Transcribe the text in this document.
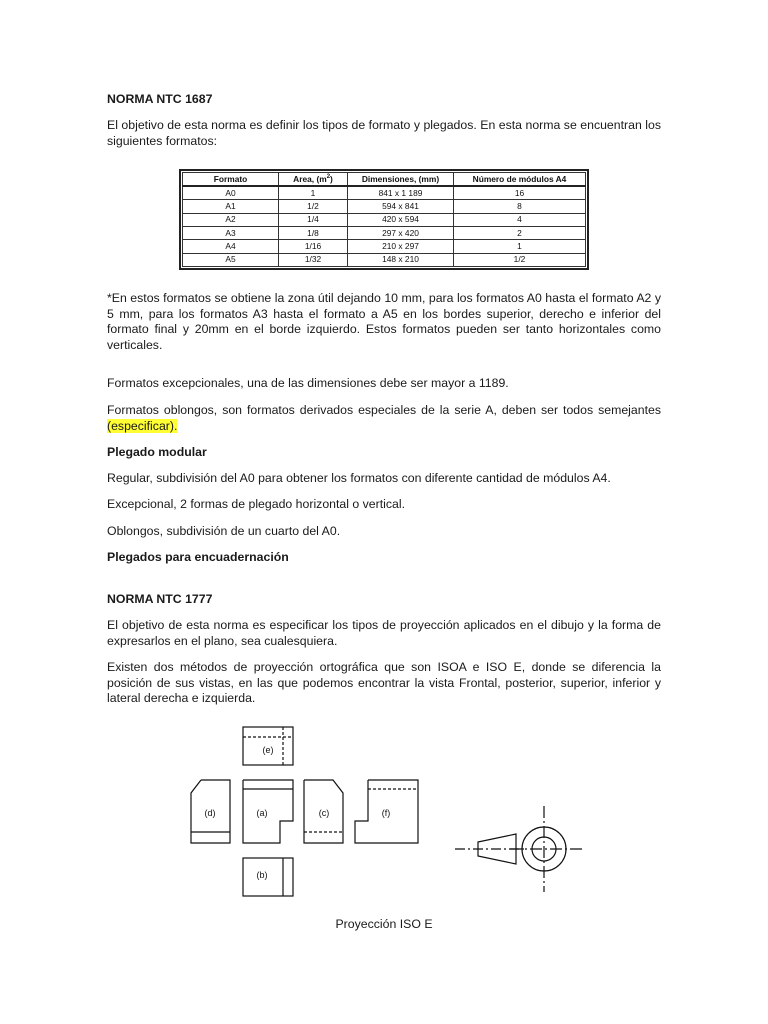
NORMA NTC 1687

El objetivo de esta norma es definir los tipos de formato y plegados. En esta norma se encuentran los siguientes formatos:

Formato	Area, $(m^2)$	Dimensiones, (mm)	Número de módulos A4
A0	1	841 x 1 189	16
A1	1/2	594 x 841	8
A2	1/4	420 x 594	4
A3	1/8	297 x 420	2
A4	1/16	210 x 297	1
A5	1/32	148 x 210	1/2

*En estos formatos se obtiene la zona útil dejando 10 mm, para los formatos A0 hasta el formato A2 y 5 mm, para los formatos A3 hasta el formato a A5 en los bordes superior, derecho e inferior del formato final y 20mm en el borde izquierdo. Estos formatos pueden ser tanto horizontales como verticales.

Formatos excepcionales, una de las dimensiones debe ser mayor a 1189.

Formatos oblongos, son formatos derivados especiales de la serie A, deben ser todos semejantes (especificar).

Plegado modular

Regular, subdivisión del A0 para obtener los formatos con diferente cantidad de módulos A4.

Excepcional, 2 formas de plegado horizontal o vertical.

Oblongos, subdivisión de un cuarto del A0.

Plegados para encuadernación

NORMA NTC 1777

El objetivo de esta norma es especificar los tipos de proyección aplicados en el dibujo y la forma de expresarlos en el plano, sea cualesquiera.

Existen dos métodos de proyección ortográfica que son ISOA e ISO E, donde se diferencia la posición de sus vistas, en las que podemos encontrar la vista Frontal, posterior, superior, inferior y lateral derecha e izquierda.

(e)
(d)	(a)	(c)	(f)
(b)
Proyección ISO E
